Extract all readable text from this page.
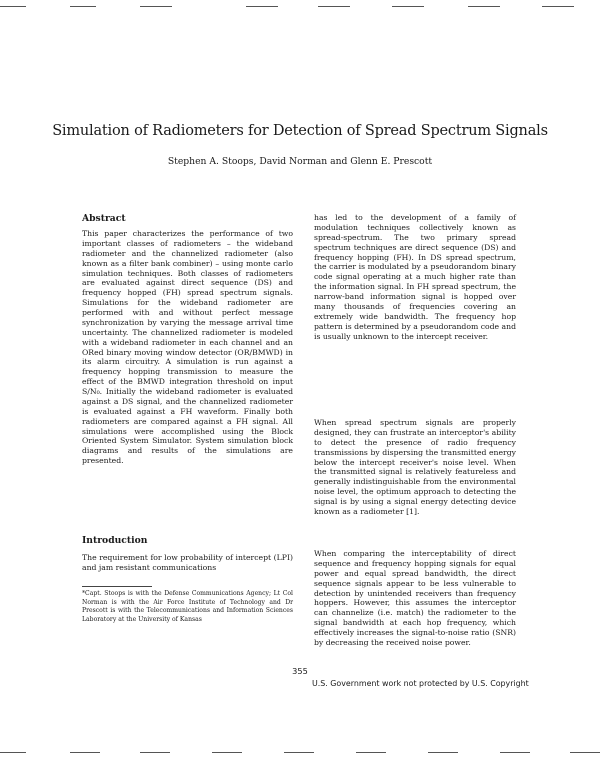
Simulation of Radiometers for Detection of Spread Spectrum Signals
Stephen A. Stoops, David Norman and Glenn E. Prescott
Abstract

This paper characterizes the performance of two important classes of radiometers – the wideband radiometer and the channelized radiometer (also known as a filter bank combiner) – using monte carlo simulation techniques. Both classes of radiometers are evaluated against direct sequence (DS) and frequency hopped (FH) spread spectrum signals. Simulations for the wideband radiometer are performed with and without perfect message synchronization by varying the message arrival time uncertainty. The channelized radiometer is modeled with a wideband radiometer in each channel and an ORed binary moving window detector (OR/BMWD) in its alarm circuitry. A simulation is run against a frequency hopping transmission to measure the effect of the BMWD integration threshold on input S/N₀. Initially the wideband radiometer is evaluated against a DS signal, and the channelized radiometer is evaluated against a FH waveform. Finally both radiometers are compared against a FH signal. All simulations were accomplished using the Block Oriented System Simulator. System simulation block diagrams and results of the simulations are presented.

Introduction

The requirement for low probability of intercept (LPI) and jam resistant communications

*Capt. Stoops is with the Defense Communications Agency; Lt Col Norman is with the Air Force Institute of Technology and Dr Prescott is with the Telecommunications and Information Sciences Laboratory at the University of Kansas

has led to the development of a family of modulation techniques collectively known as spread-spectrum. The two primary spread spectrum techniques are direct sequence (DS) and frequency hopping (FH). In DS spread spectrum, the carrier is modulated by a pseudorandom binary code signal operating at a much higher rate than the information signal. In FH spread spectrum, the narrow-band information signal is hopped over many thousands of frequencies covering an extremely wide bandwidth. The frequency hop pattern is determined by a pseudorandom code and is usually unknown to the intercept receiver.

When spread spectrum signals are properly designed, they can frustrate an interceptor's ability to detect the presence of radio frequency transmissions by dispersing the transmitted energy below the intercept receiver's noise level. When the transmitted signal is relatively featureless and generally indistinguishable from the environmental noise level, the optimum approach to detecting the signal is by using a signal energy detecting device known as a radiometer [1].

When comparing the interceptability of direct sequence and frequency hopping signals for equal power and equal spread bandwidth, the direct sequence signals appear to be less vulnerable to detection by unintended receivers than frequency hoppers. However, this assumes the interceptor can channelize (i.e. match) the radiometer to the signal bandwidth at each hop frequency, which effectively increases the signal-to-noise ratio (SNR) by decreasing the received noise power.

355
U.S. Government work not protected by U.S. Copyright
